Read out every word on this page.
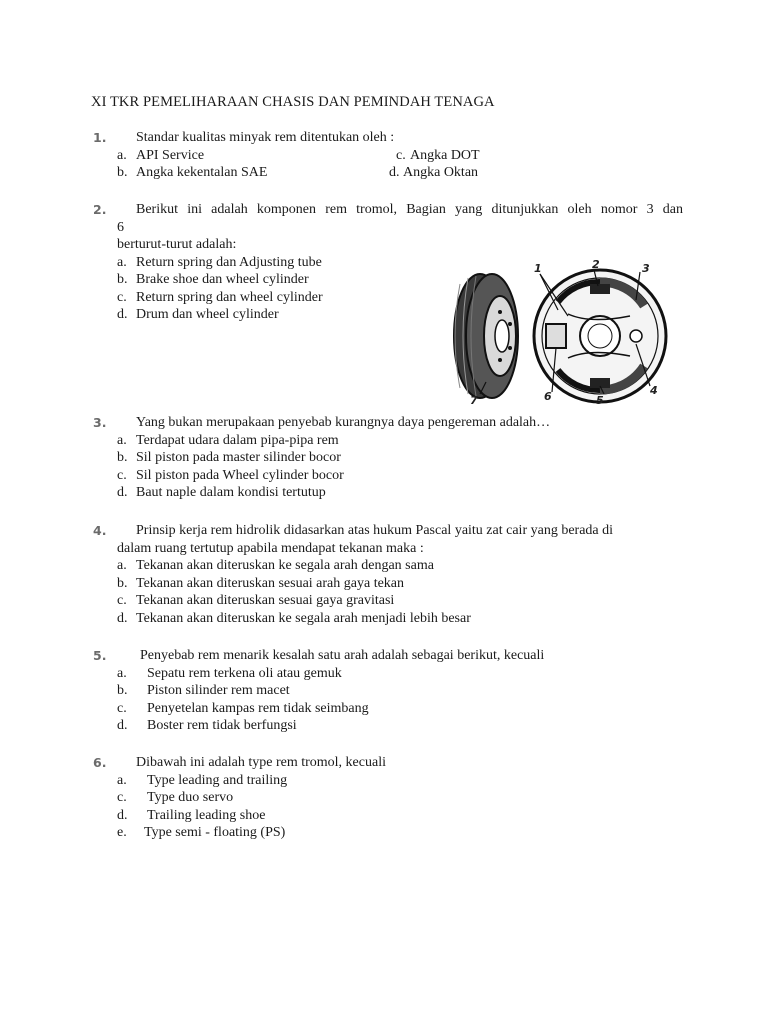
XI TKR PEMELIHARAAN CHASIS DAN PEMINDAH TENAGA
1. Standar kualitas minyak rem ditentukan oleh :
a. API Service	c. Angka DOT
b. Angka kekentalan SAE	d. Angka Oktan
2. Berikut ini adalah komponen rem tromol, Bagian yang ditunjukkan oleh nomor 3 dan
6
berturut-turut adalah:
a. Return spring dan Adjusting tube
b. Brake shoe dan wheel cylinder
c. Return spring dan wheel cylinder
d. Drum dan wheel cylinder
1	2	3
4
5
6
7
3. Yang bukan merupakaan penyebab kurangnya daya pengereman adalah…
a. Terdapat udara dalam pipa-pipa rem
b. Sil piston pada master silinder bocor
c. Sil piston pada Wheel cylinder bocor
d. Baut naple dalam kondisi tertutup
4. Prinsip kerja rem hidrolik didasarkan atas hukum Pascal yaitu zat cair yang berada di
dalam ruang tertutup apabila mendapat tekanan maka :
a. Tekanan akan diteruskan ke segala arah dengan sama
b. Tekanan akan diteruskan sesuai arah gaya tekan
c. Tekanan akan diteruskan sesuai gaya gravitasi
d. Tekanan akan diteruskan ke segala arah menjadi lebih besar
5. Penyebab rem menarik kesalah satu arah adalah sebagai berikut, kecuali
a. Sepatu rem terkena oli atau gemuk
b. Piston silinder rem macet
c. Penyetelan kampas rem tidak seimbang
d. Boster rem tidak berfungsi
6. Dibawah ini adalah type rem tromol, kecuali
a. Type leading and trailing
c. Type duo servo
d. Trailing leading shoe
e. Type semi - floating (PS)
